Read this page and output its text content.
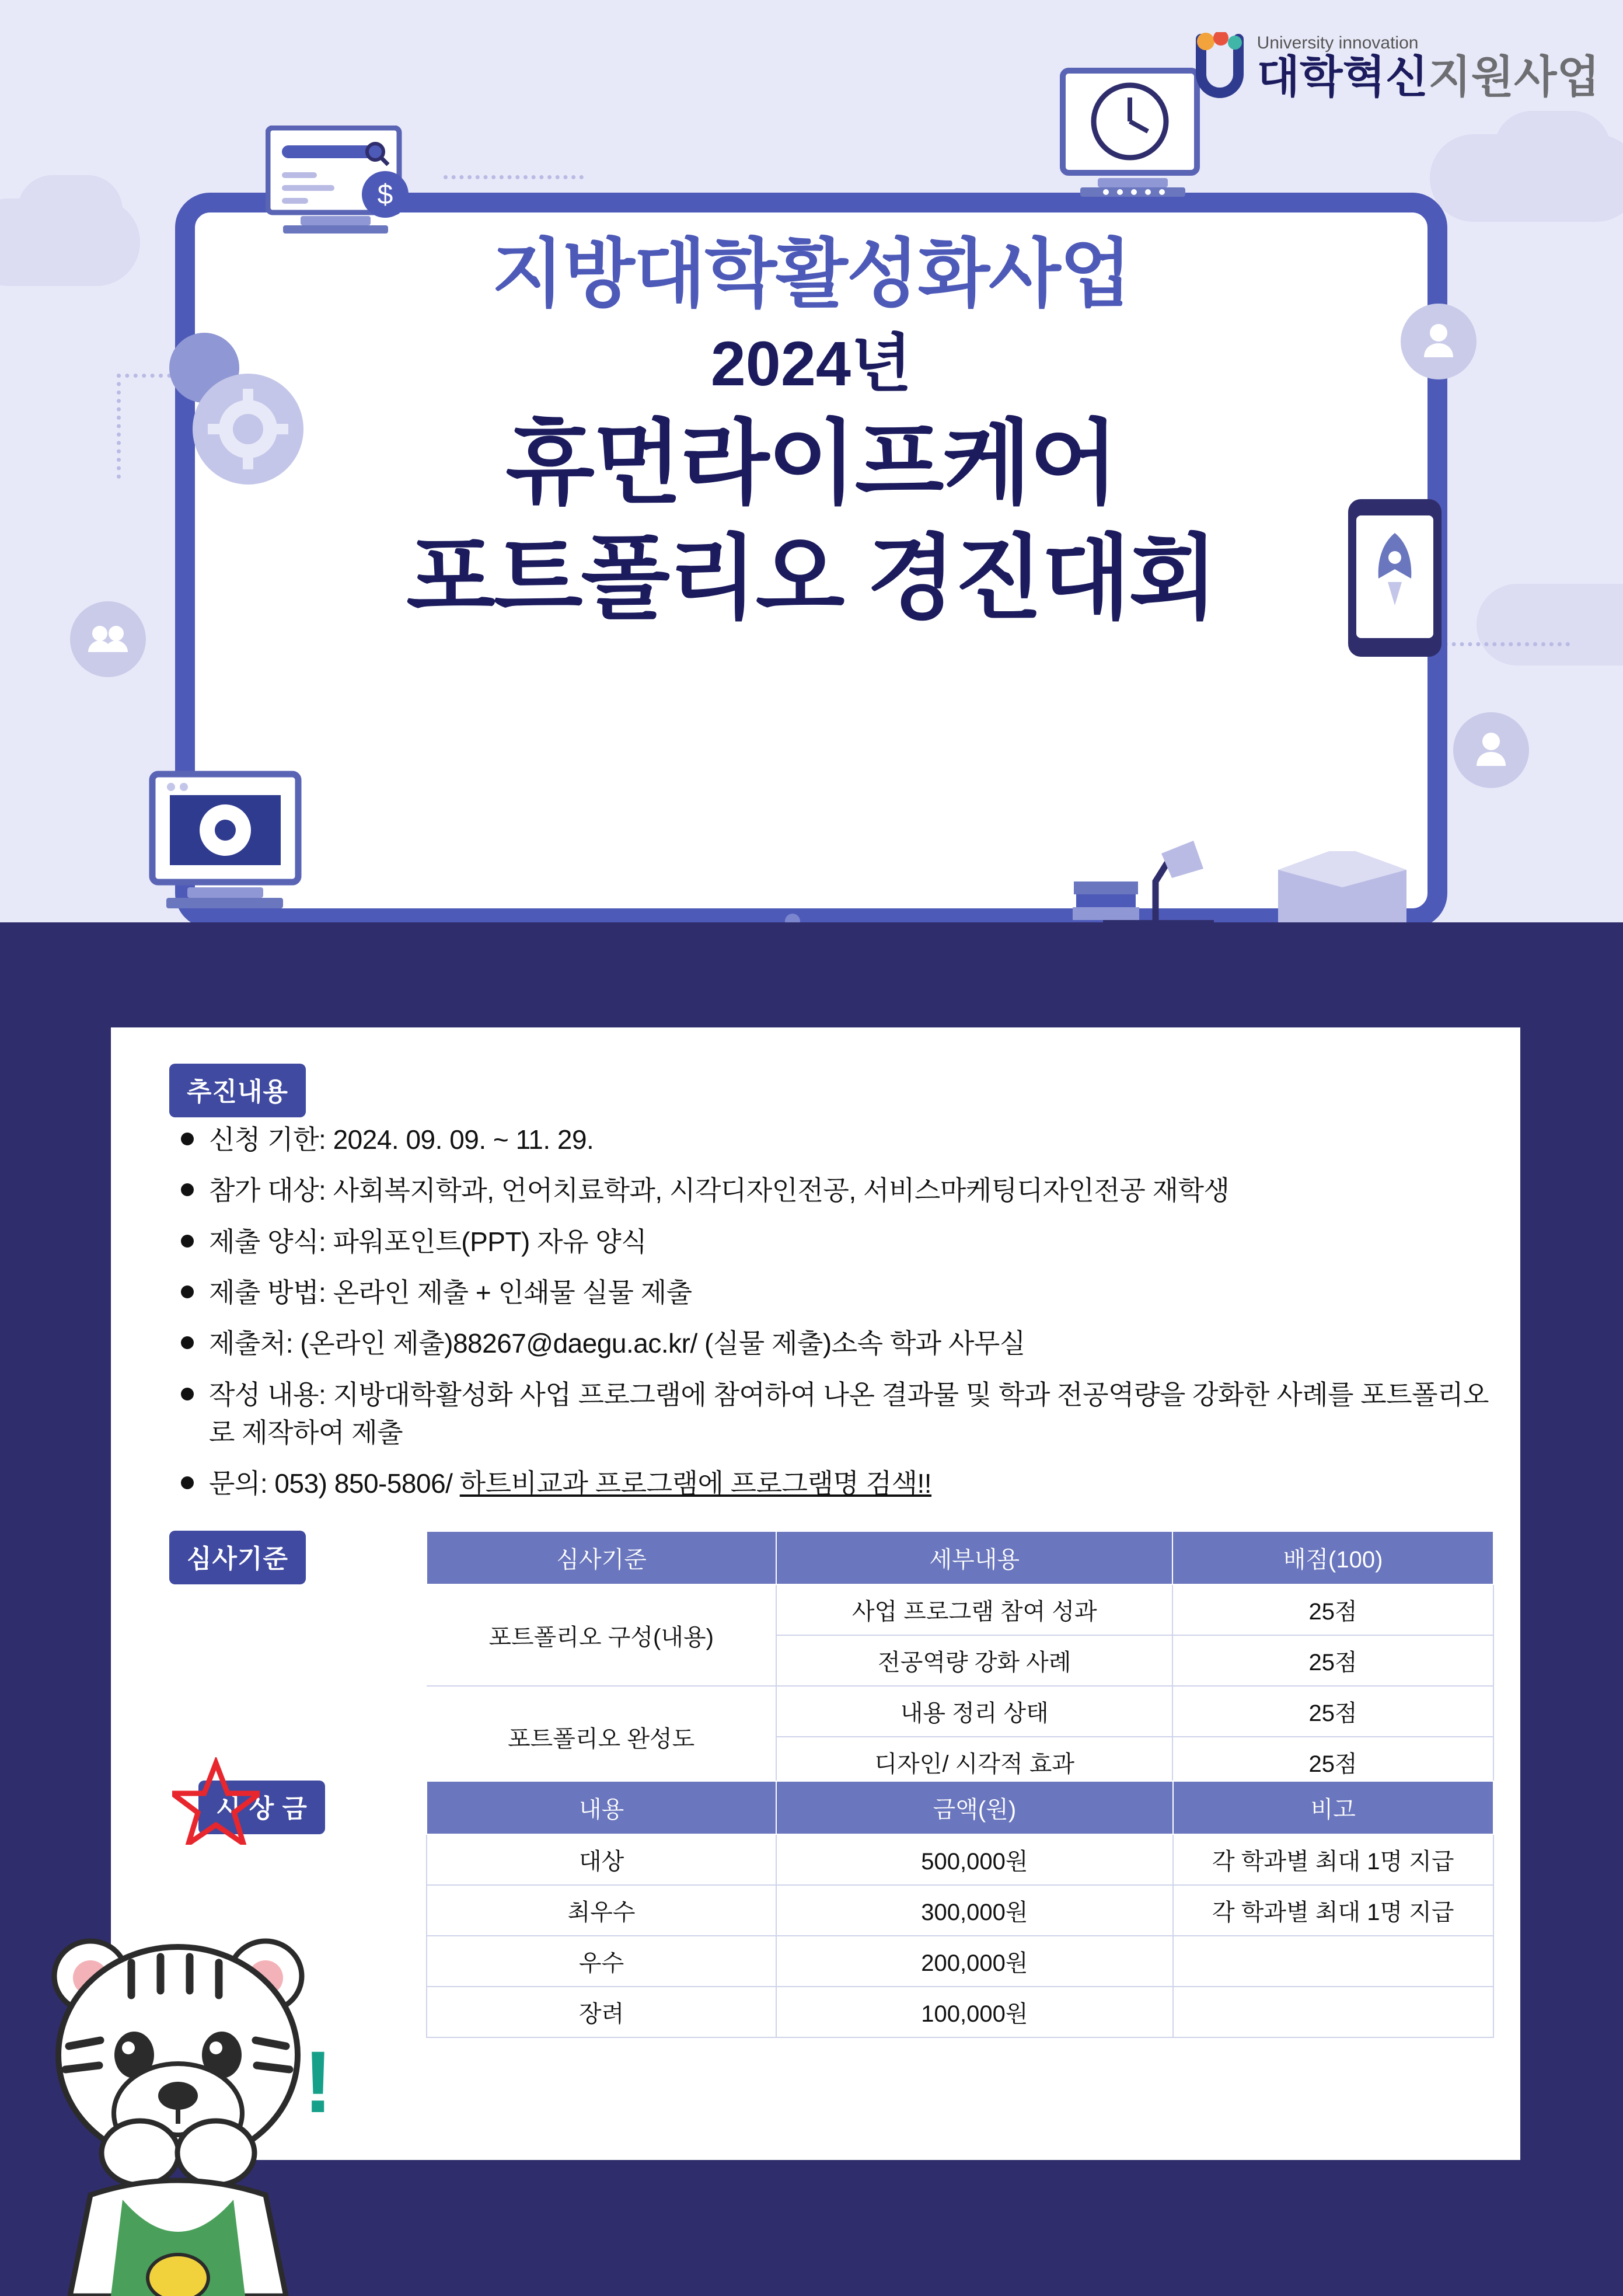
지방대학활성화사업
2024년
휴먼라이프케어
포트폴리오 경진대회
$
University innovation
대학혁신지원사업
추진내용
신청 기한: 2024. 09. 09. ~ 11. 29.
참가 대상: 사회복지학과, 언어치료학과, 시각디자인전공, 서비스마케팅디자인전공 재학생
제출 양식: 파워포인트(PPT) 자유 양식
제출 방법: 온라인 제출 + 인쇄물 실물 제출
제출처: (온라인 제출)88267@daegu.ac.kr/ (실물 제출)소속 학과 사무실
작성 내용: 지방대학활성화 사업 프로그램에 참여하여 나온 결과물 및 학과 전공역량을 강화한 사례를 포트폴리오로 제작하여 제출
문의: 053) 850-5806/ 하트비교과 프로그램에 프로그램명 검색!!
심사기준	심사기준	세부내용	배점(100)
포트폴리오 구성(내용)	사업 프로그램 참여 성과	25점
	전공역량 강화 사례	25점
포트폴리오 완성도	내용 정리 상태	25점
	디자인/ 시각적 효과	25점
시 상 금	내용	금액(원)	비고
대상	500,000원	각 학과별 최대 1명 지급
최우수	300,000원	각 학과별 최대 1명 지급
우수	200,000원	
장려	100,000원	
!
